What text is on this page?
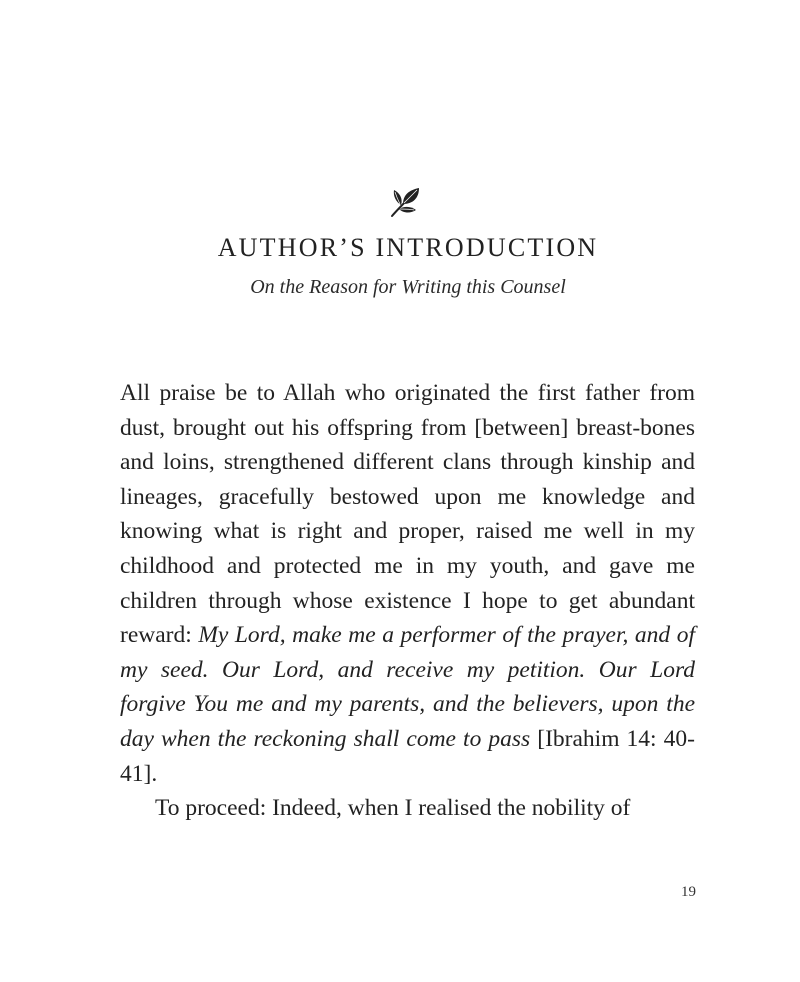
AUTHOR’S INTRODUCTION
On the Reason for Writing this Counsel

All praise be to Allah who originated the first father from dust, brought out his offspring from [between] breast-bones and loins, strengthened different clans through kinship and lineages, gracefully bestowed upon me knowledge and knowing what is right and proper, raised me well in my childhood and protected me in my youth, and gave me children through whose existence I hope to get abundant reward: My Lord, make me a performer of the prayer, and of my seed. Our Lord, and receive my petition. Our Lord forgive You me and my parents, and the believers, upon the day when the reckoning shall come to pass [Ibrahim 14: 40-41].

To proceed: Indeed, when I realised the nobility of

19
